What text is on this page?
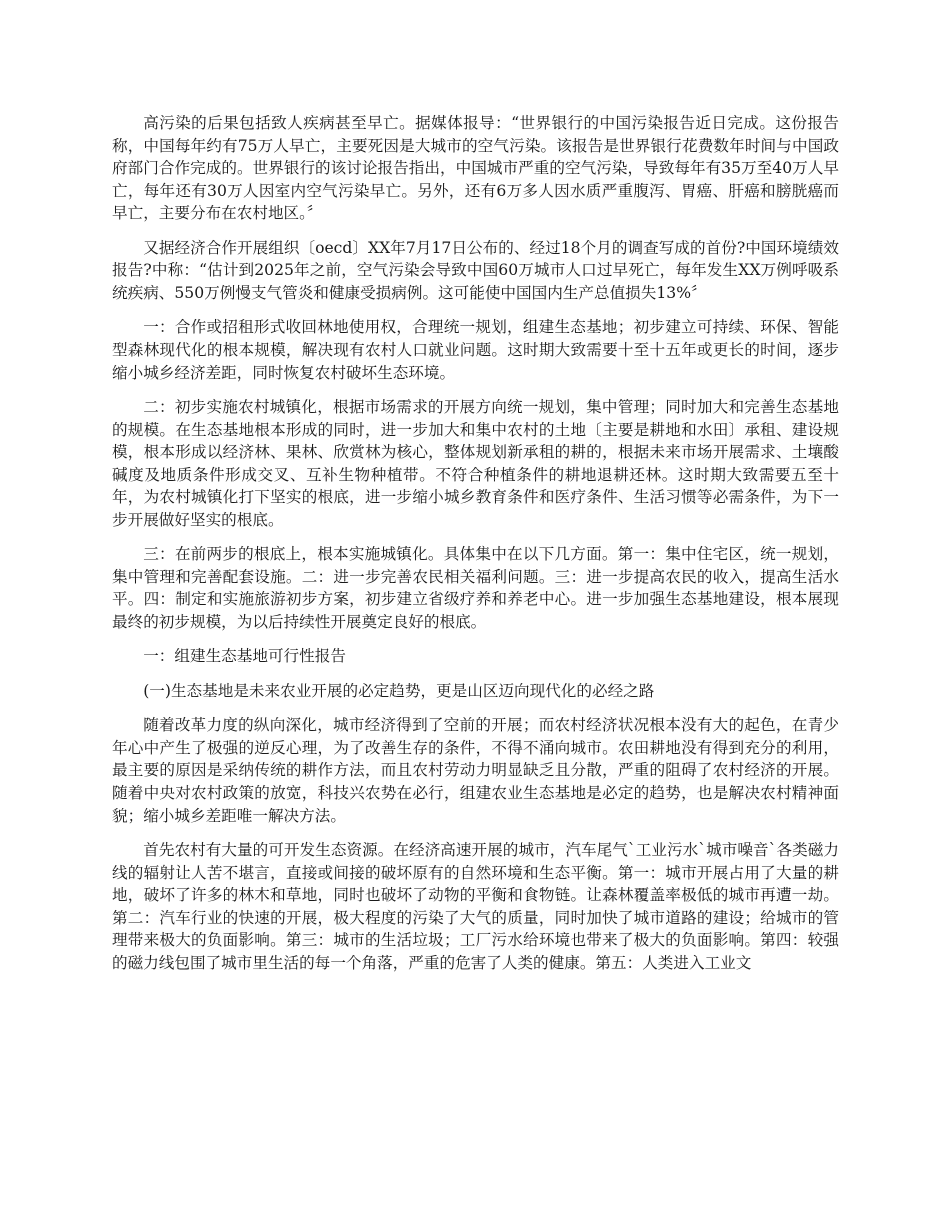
高污染的后果包括致人疾病甚至早亡。据媒体报导：“世界银行的中国污染报告近日完成。这份报告称，中国每年约有75万人早亡，主要死因是大城市的空气污染。该报告是世界银行花费数年时间与中国政府部门合作完成的。世界银行的该讨论报告指出，中国城市严重的空气污染，导致每年有35万至40万人早亡，每年还有30万人因室内空气污染早亡。另外，还有6万多人因水质严重腹泻、胃癌、肝癌和膀胱癌而早亡，主要分布在农村地区。〞

又据经济合作开展组织〔oecd〕XX年7月17日公布的、经过18个月的调查写成的首份?中国环境绩效报告?中称：“估计到2025年之前，空气污染会导致中国60万城市人口过早死亡，每年发生XX万例呼吸系统疾病、550万例慢支气管炎和健康受损病例。这可能使中国国内生产总值损失13%〞

一：合作或招租形式收回林地使用权，合理统一规划，组建生态基地；初步建立可持续、环保、智能型森林现代化的根本规模，解决现有农村人口就业问题。这时期大致需要十至十五年或更长的时间，逐步缩小城乡经济差距，同时恢复农村破坏生态环境。

二：初步实施农村城镇化，根据市场需求的开展方向统一规划，集中管理；同时加大和完善生态基地的规模。在生态基地根本形成的同时，进一步加大和集中农村的土地〔主要是耕地和水田〕承租、建设规模，根本形成以经济林、果林、欣赏林为核心，整体规划新承租的耕的，根据未来市场开展需求、土壤酸碱度及地质条件形成交叉、互补生物种植带。不符合种植条件的耕地退耕还林。这时期大致需要五至十年，为农村城镇化打下坚实的根底，进一步缩小城乡教育条件和医疗条件、生活习惯等必需条件，为下一步开展做好坚实的根底。

三：在前两步的根底上，根本实施城镇化。具体集中在以下几方面。第一：集中住宅区，统一规划，集中管理和完善配套设施。二：进一步完善农民相关福利问题。三：进一步提高农民的收入，提高生活水平。四：制定和实施旅游初步方案，初步建立省级疗养和养老中心。进一步加强生态基地建设，根本展现最终的初步规模，为以后持续性开展奠定良好的根底。

一：组建生态基地可行性报告

(一)生态基地是未来农业开展的必定趋势，更是山区迈向现代化的必经之路

随着改革力度的纵向深化，城市经济得到了空前的开展；而农村经济状况根本没有大的起色，在青少年心中产生了极强的逆反心理，为了改善生存的条件，不得不涌向城市。农田耕地没有得到充分的利用，最主要的原因是采纳传统的耕作方法，而且农村劳动力明显缺乏且分散，严重的阻碍了农村经济的开展。随着中央对农村政策的放宽，科技兴农势在必行，组建农业生态基地是必定的趋势，也是解决农村精神面貌；缩小城乡差距唯一解决方法。

首先农村有大量的可开发生态资源。在经济高速开展的城市，汽车尾气`工业污水`城市噪音`各类磁力线的辐射让人苦不堪言，直接或间接的破坏原有的自然环境和生态平衡。第一：城市开展占用了大量的耕地，破坏了许多的林木和草地，同时也破坏了动物的平衡和食物链。让森林覆盖率极低的城市再遭一劫。第二：汽车行业的快速的开展，极大程度的污染了大气的质量，同时加快了城市道路的建设；给城市的管理带来极大的负面影响。第三：城市的生活垃圾；工厂污水给环境也带来了极大的负面影响。第四：较强的磁力线包围了城市里生活的每一个角落，严重的危害了人类的健康。第五：人类进入工业文
